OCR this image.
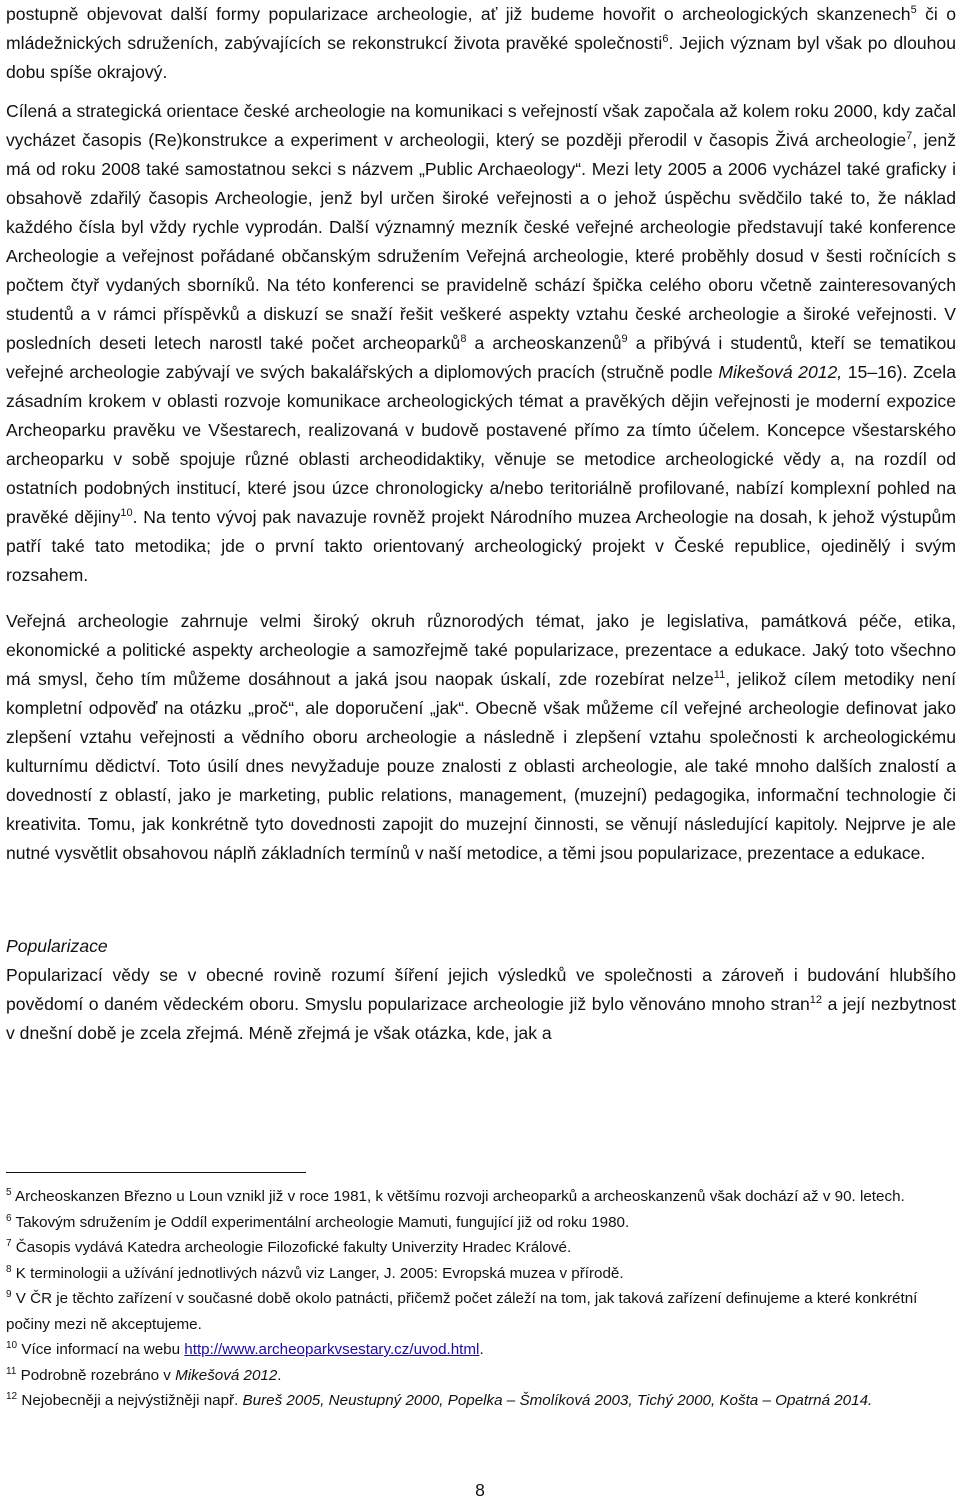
postupně objevovat další formy popularizace archeologie, ať již budeme hovořit o archeologických skanzenech$^5$ či o mládežnických sdruženích, zabývajících se rekonstrukcí života pravěké společnosti$^6$. Jejich význam byl však po dlouhou dobu spíše okrajový.

Cílená a strategická orientace české archeologie na komunikaci s veřejností však započala až kolem roku 2000, kdy začal vycházet časopis (Re)konstrukce a experiment v archeologii, který se později přerodil v časopis Živá archeologie$^7$, jenž má od roku 2008 také samostatnou sekci s názvem „Public Archaeology“. Mezi lety 2005 a 2006 vycházel také graficky i obsahově zdařilý časopis Archeologie, jenž byl určen široké veřejnosti a o jehož úspěchu svědčilo také to, že náklad každého čísla byl vždy rychle vyprodán. Další významný mezník české veřejné archeologie představují také konference Archeologie a veřejnost pořádané občanským sdružením Veřejná archeologie, které proběhly dosud v šesti ročnících s počtem čtyř vydaných sborníků. Na této konferenci se pravidelně schází špička celého oboru včetně zainteresovaných studentů a v rámci příspěvků a diskuzí se snaží řešit veškeré aspekty vztahu české archeologie a široké veřejnosti. V posledních deseti letech narostl také počet archeoparků$^8$ a archeoskanzenů$^9$ a přibývá i studentů, kteří se tematikou veřejné archeologie zabývají ve svých bakalářských a diplomových pracích (stručně podle Mikešová 2012, 15–16). Zcela zásadním krokem v oblasti rozvoje komunikace archeologických témat a pravěkých dějin veřejnosti je moderní expozice Archeoparku pravěku ve Všestarech, realizovaná v budově postavené přímo za tímto účelem. Koncepce všestarského archeoparku v sobě spojuje různé oblasti archeodidaktiky, věnuje se metodice archeologické vědy a, na rozdíl od ostatních podobných institucí, které jsou úzce chronologicky a/nebo teritoriálně profilované, nabízí komplexní pohled na pravěké dějiny$^{10}$. Na tento vývoj pak navazuje rovněž projekt Národního muzea Archeologie na dosah, k jehož výstupům patří také tato metodika; jde o první takto orientovaný archeologický projekt v České republice, ojedinělý i svým rozsahem.

Veřejná archeologie zahrnuje velmi široký okruh různorodých témat, jako je legislativa, památková péče, etika, ekonomické a politické aspekty archeologie a samozřejmě také popularizace, prezentace a edukace. Jaký toto všechno má smysl, čeho tím můžeme dosáhnout a jaká jsou naopak úskalí, zde rozebírat nelze$^{11}$, jelikož cílem metodiky není kompletní odpověď na otázku „proč“, ale doporučení „jak“. Obecně však můžeme cíl veřejné archeologie definovat jako zlepšení vztahu veřejnosti a vědního oboru archeologie a následně i zlepšení vztahu společnosti k archeologickému kulturnímu dědictví. Toto úsilí dnes nevyžaduje pouze znalosti z oblasti archeologie, ale také mnoho dalších znalostí a dovedností z oblastí, jako je marketing, public relations, management, (muzejní) pedagogika, informační technologie či kreativita. Tomu, jak konkrétně tyto dovednosti zapojit do muzejní činnosti, se věnují následující kapitoly. Nejprve je ale nutné vysvětlit obsahovou náplň základních termínů v naší metodice, a těmi jsou popularizace, prezentace a edukace.

Popularizace

Popularizací vědy se v obecné rovině rozumí šíření jejich výsledků ve společnosti a zároveň i budování hlubšího povědomí o daném vědeckém oboru. Smyslu popularizace archeologie již bylo věnováno mnoho stran$^{12}$ a její nezbytnost v dnešní době je zcela zřejmá. Méně zřejmá je však otázka, kde, jak a

$^5$ Archeoskanzen Březno u Loun vznikl již v roce 1981, k většímu rozvoji archeoparků a archeoskanzenů však dochází až v 90. letech.

$^6$ Takovým sdružením je Oddíl experimentální archeologie Mamuti, fungující již od roku 1980.

$^7$ Časopis vydává Katedra archeologie Filozofické fakulty Univerzity Hradec Králové.

$^8$ K terminologii a užívání jednotlivých názvů viz Langer, J. 2005: Evropská muzea v přírodě.

$^9$ V ČR je těchto zařízení v současné době okolo patnácti, přičemž počet záleží na tom, jak taková zařízení definujeme a které konkrétní počiny mezi ně akceptujeme.

$^{10}$ Více informací na webu http://www.archeoparkvsestary.cz/uvod.html.

$^{11}$ Podrobně rozebráno v Mikešová 2012.

$^{12}$ Nejobecněji a nejvýstižněji např. Bureš 2005, Neustupný 2000, Popelka – Šmolíková 2003, Tichý 2000, Košta – Opatrná 2014.

8
